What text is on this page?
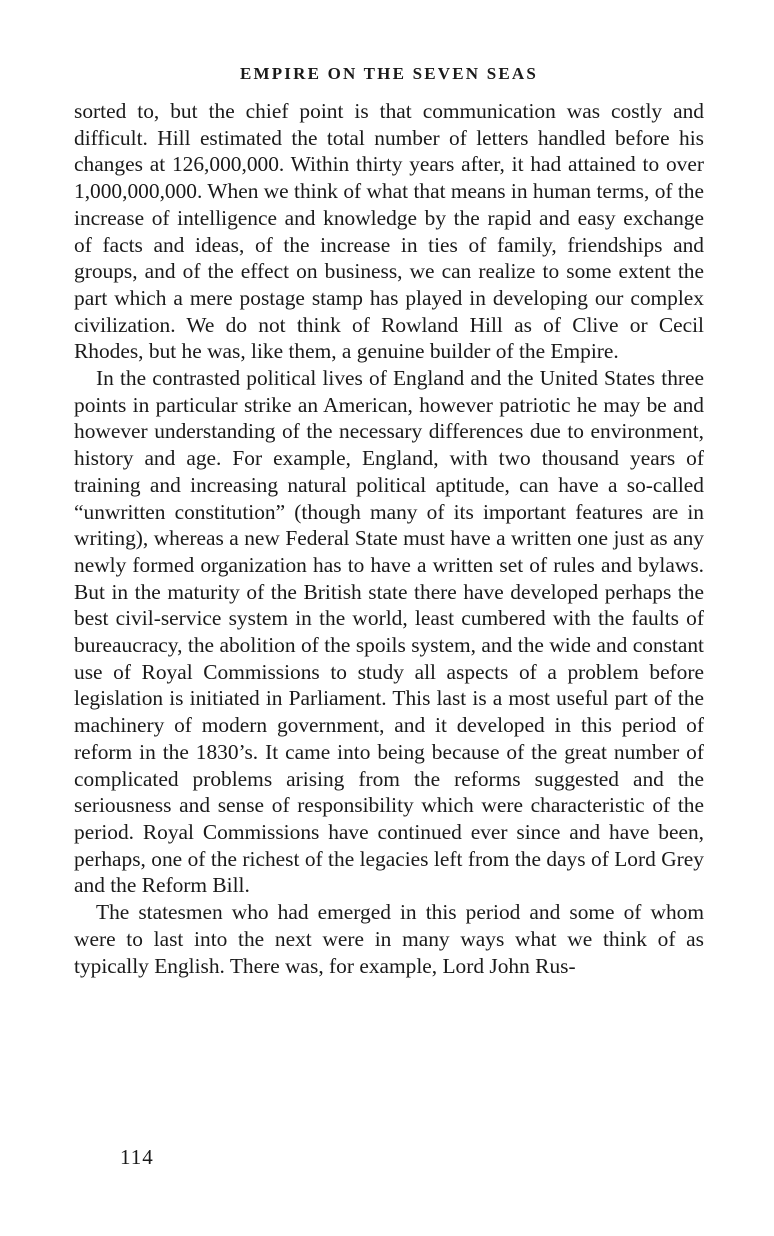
EMPIRE ON THE SEVEN SEAS

sorted to, but the chief point is that communication was costly and difficult. Hill estimated the total number of letters handled before his changes at 126,000,000. Within thirty years after, it had attained to over 1,000,000,000. When we think of what that means in human terms, of the increase of intelligence and knowledge by the rapid and easy exchange of facts and ideas, of the increase in ties of family, friendships and groups, and of the effect on business, we can realize to some extent the part which a mere postage stamp has played in developing our complex civilization. We do not think of Rowland Hill as of Clive or Cecil Rhodes, but he was, like them, a genuine builder of the Empire.

In the contrasted political lives of England and the United States three points in particular strike an American, however patriotic he may be and however understanding of the necessary differences due to environment, history and age. For example, England, with two thousand years of training and increasing natural political aptitude, can have a so-called “unwritten constitution” (though many of its important features are in writing), whereas a new Federal State must have a written one just as any newly formed organization has to have a written set of rules and bylaws. But in the maturity of the British state there have developed perhaps the best civil-service system in the world, least cumbered with the faults of bureaucracy, the abolition of the spoils system, and the wide and constant use of Royal Commissions to study all aspects of a problem before legislation is initiated in Parliament. This last is a most useful part of the machinery of modern government, and it developed in this period of reform in the 1830’s. It came into being because of the great number of complicated problems arising from the reforms suggested and the seriousness and sense of responsibility which were characteristic of the period. Royal Commissions have continued ever since and have been, perhaps, one of the richest of the legacies left from the days of Lord Grey and the Reform Bill.

The statesmen who had emerged in this period and some of whom were to last into the next were in many ways what we think of as typically English. There was, for example, Lord John Rus-

114
